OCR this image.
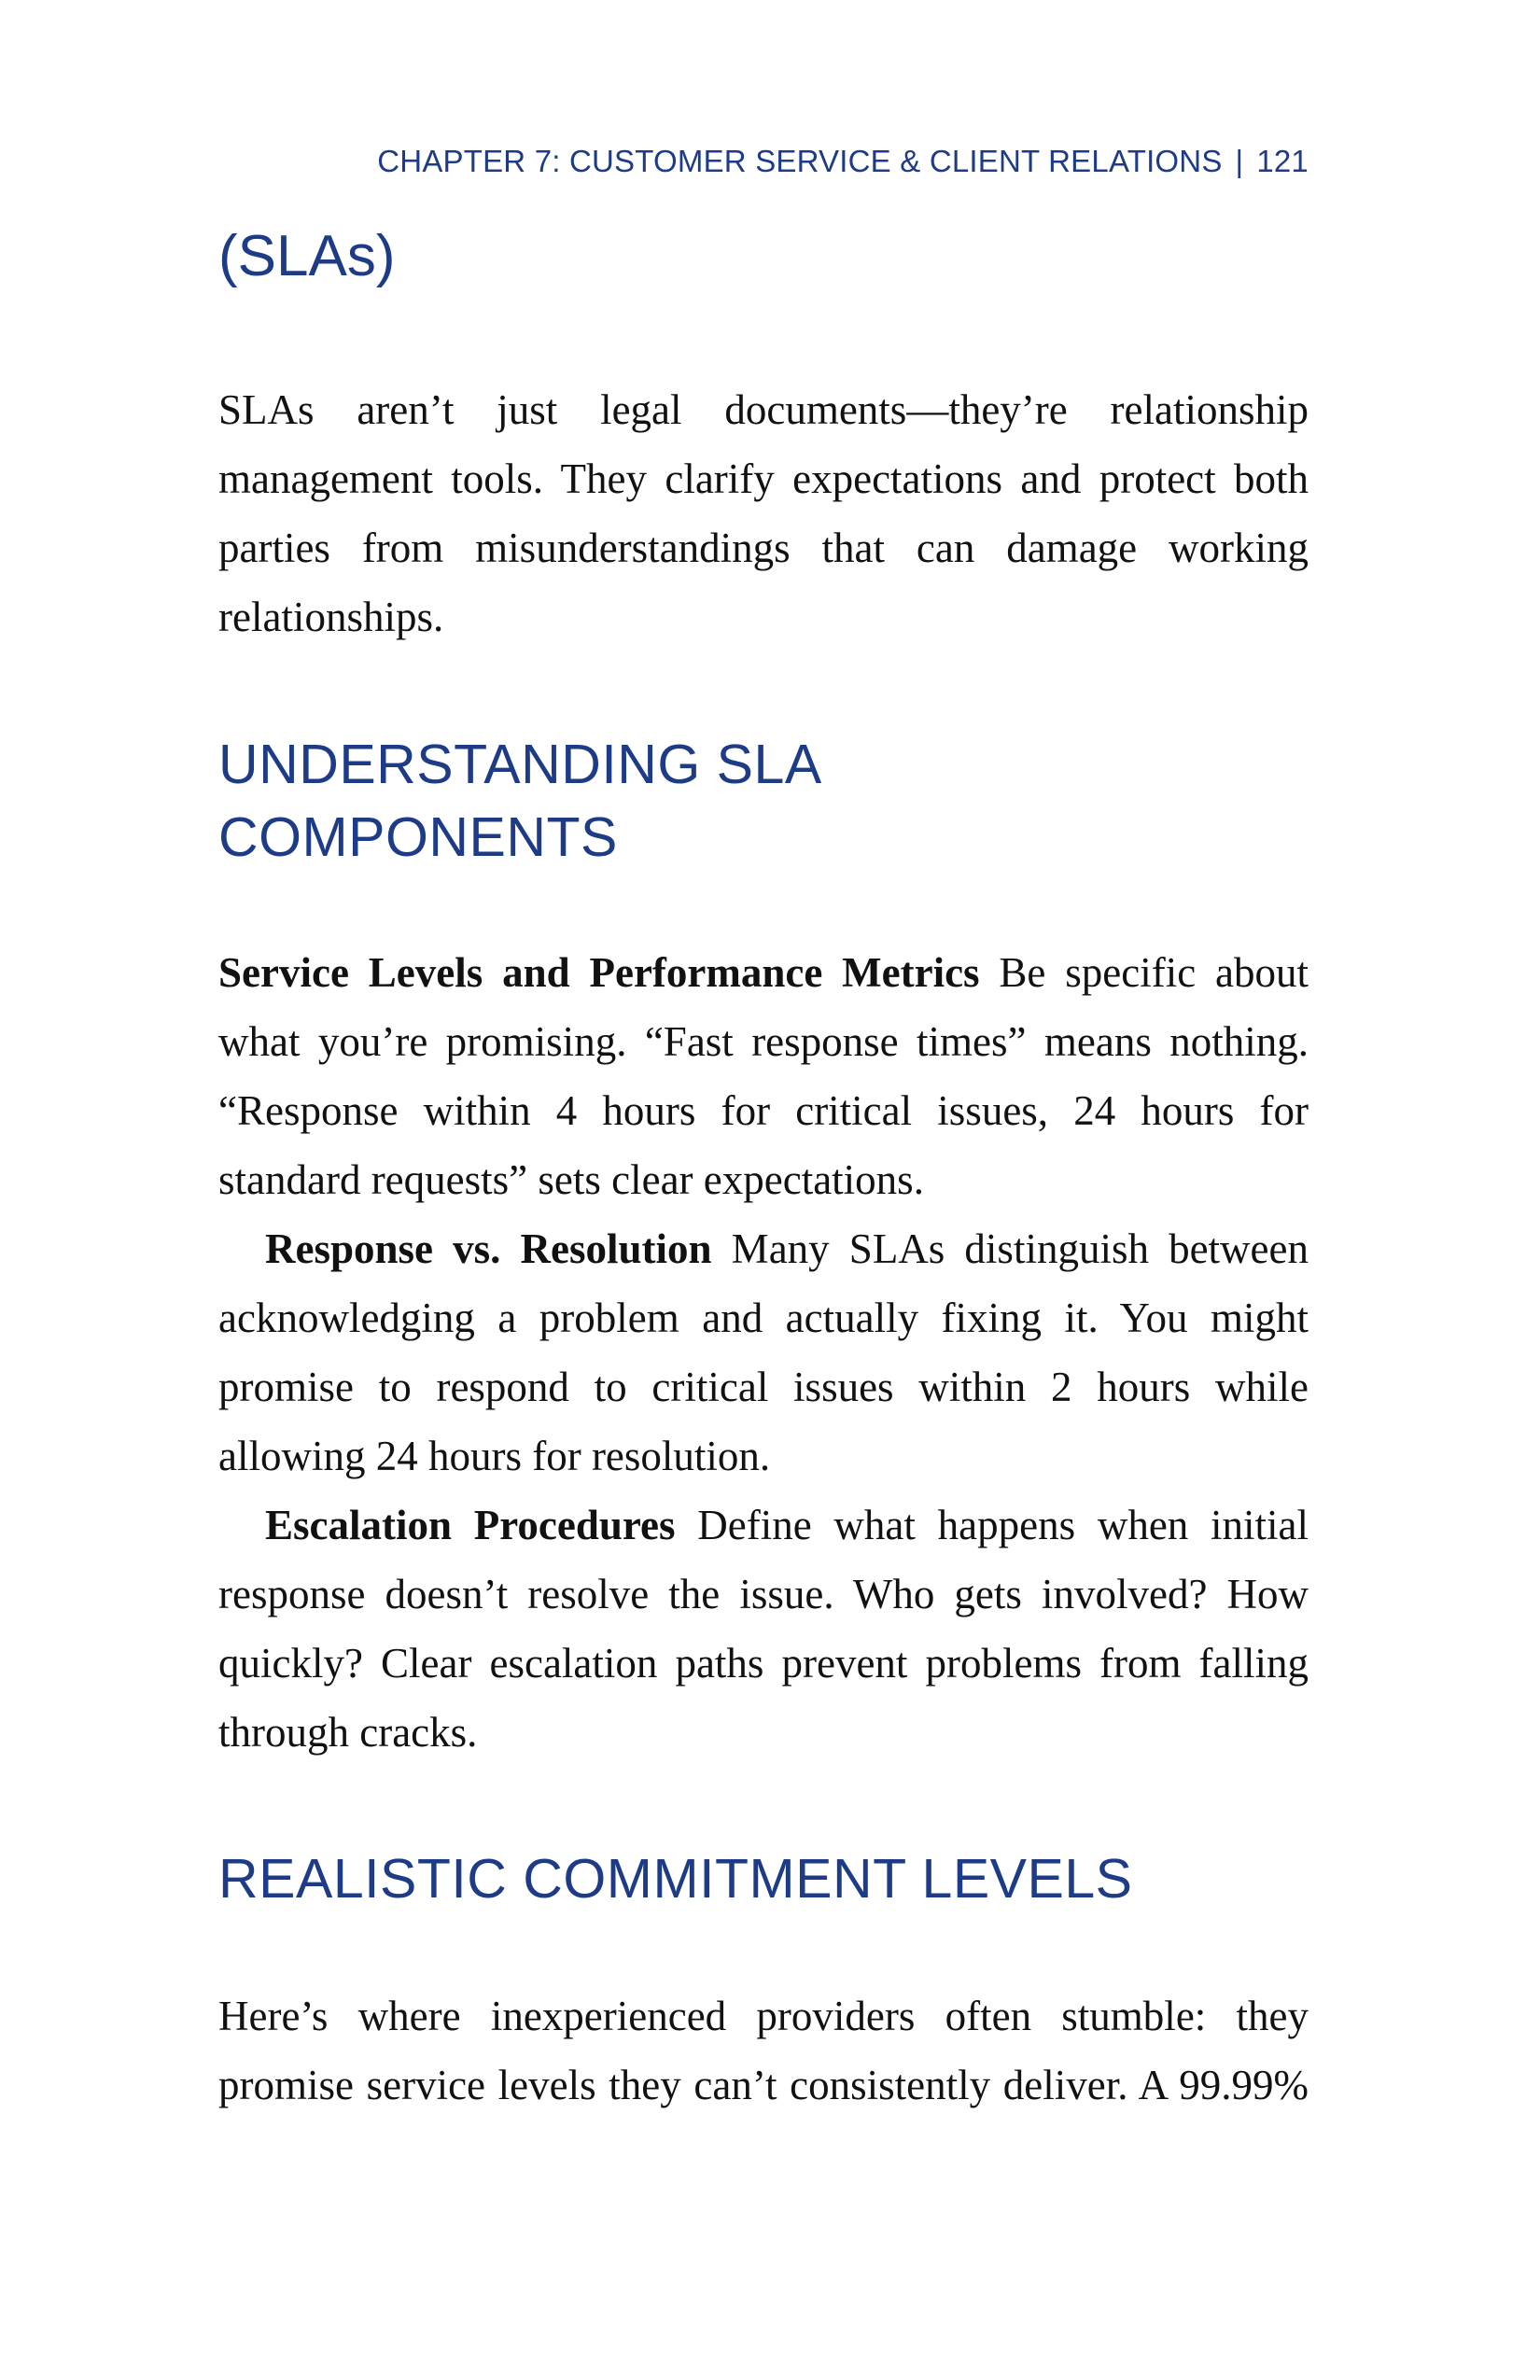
CHAPTER 7: CUSTOMER SERVICE & CLIENT RELATIONS | 121
(SLAs)

SLAs aren’t just legal documents—they’re relationship management tools. They clarify expectations and protect both parties from misunderstandings that can damage working relationships.

UNDERSTANDING SLA
COMPONENTS

Service Levels and Performance Metrics Be specific about what you’re promising. “Fast response times” means nothing. “Response within 4 hours for critical issues, 24 hours for standard requests” sets clear expectations.

Response vs. Resolution Many SLAs distinguish between acknowledging a problem and actually fixing it. You might promise to respond to critical issues within 2 hours while allowing 24 hours for resolution.

Escalation Procedures Define what happens when initial response doesn’t resolve the issue. Who gets involved? How quickly? Clear escalation paths prevent problems from falling through cracks.

REALISTIC COMMITMENT LEVELS

Here’s where inexperienced providers often stumble: they promise service levels they can’t consistently deliver. A 99.99%
